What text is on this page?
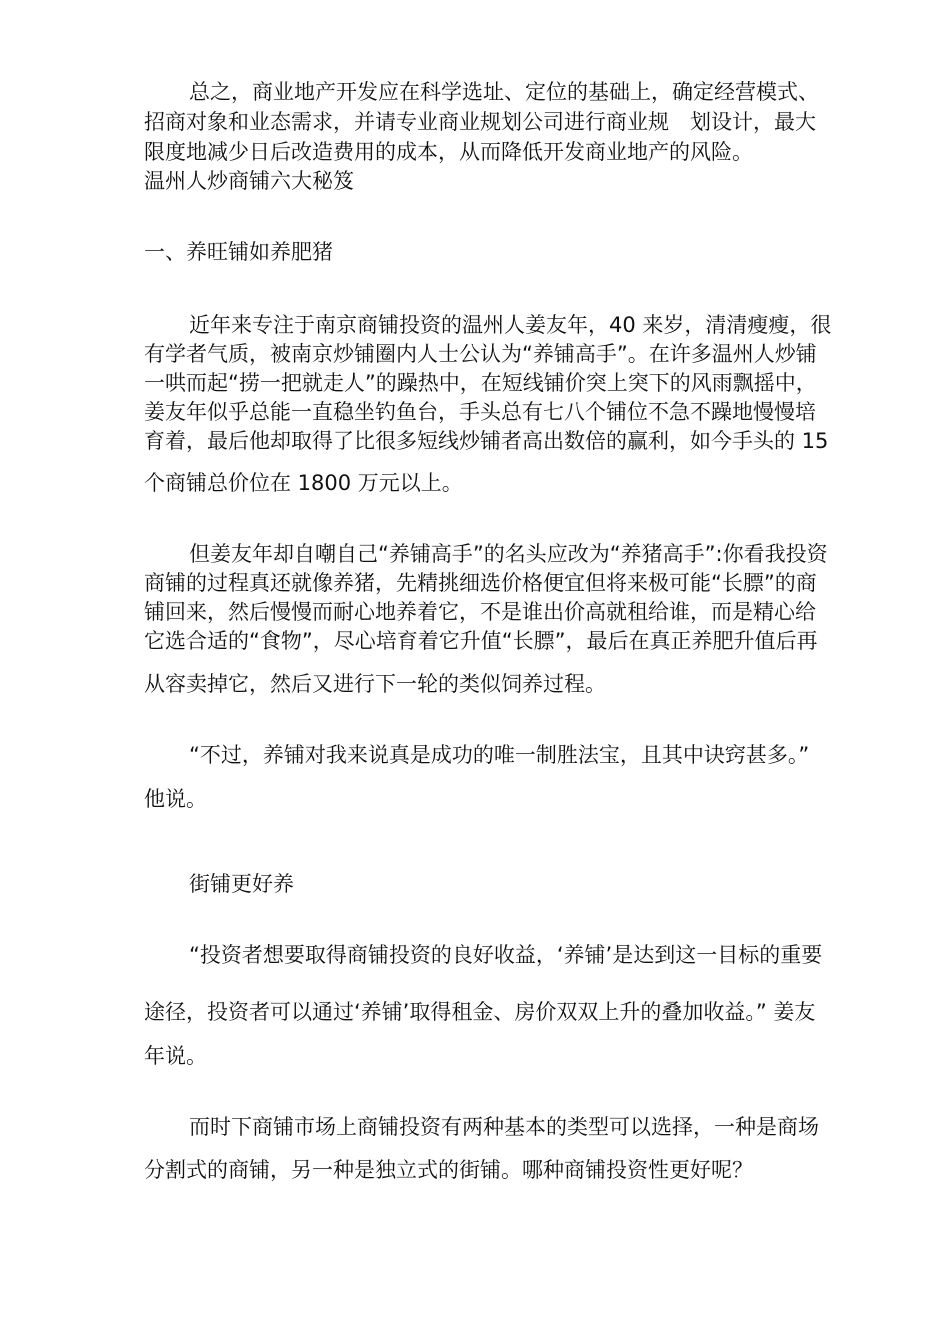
总之，商业地产开发应在科学选址、定位的基础上，确定经营模式、
招商对象和业态需求，并请专业商业规划公司进行商业规　划设计，最大
限度地减少日后改造费用的成本，从而降低开发商业地产的风险。
温州人炒商铺六大秘笈
一、养旺铺如养肥猪
近年来专注于南京商铺投资的温州人姜友年，40 来岁，清清瘦瘦，很
有学者气质，被南京炒铺圈内人士公认为“养铺高手”。在许多温州人炒铺
一哄而起“捞一把就走人”的躁热中，在短线铺价突上突下的风雨飘摇中，
姜友年似乎总能一直稳坐钓鱼台，手头总有七八个铺位不急不躁地慢慢培
育着，最后他却取得了比很多短线炒铺者高出数倍的赢利，如今手头的 15
个商铺总价位在 1800 万元以上。
但姜友年却自嘲自己“养铺高手”的名头应改为“养猪高手”:你看我投资
商铺的过程真还就像养猪，先精挑细选价格便宜但将来极可能“长膘”的商
铺回来，然后慢慢而耐心地养着它，不是谁出价高就租给谁，而是精心给
它选合适的“食物”，尽心培育着它升值“长膘”，最后在真正养肥升值后再
从容卖掉它，然后又进行下一轮的类似饲养过程。
“不过，养铺对我来说真是成功的唯一制胜法宝，且其中诀窍甚多。”
他说。
街铺更好养
“投资者想要取得商铺投资的良好收益，‘养铺’是达到这一目标的重要
途径，投资者可以通过‘养铺’取得租金、房价双双上升的叠加收益。” 姜友
年说。
而时下商铺市场上商铺投资有两种基本的类型可以选择，一种是商场
分割式的商铺，另一种是独立式的街铺。哪种商铺投资性更好呢？
